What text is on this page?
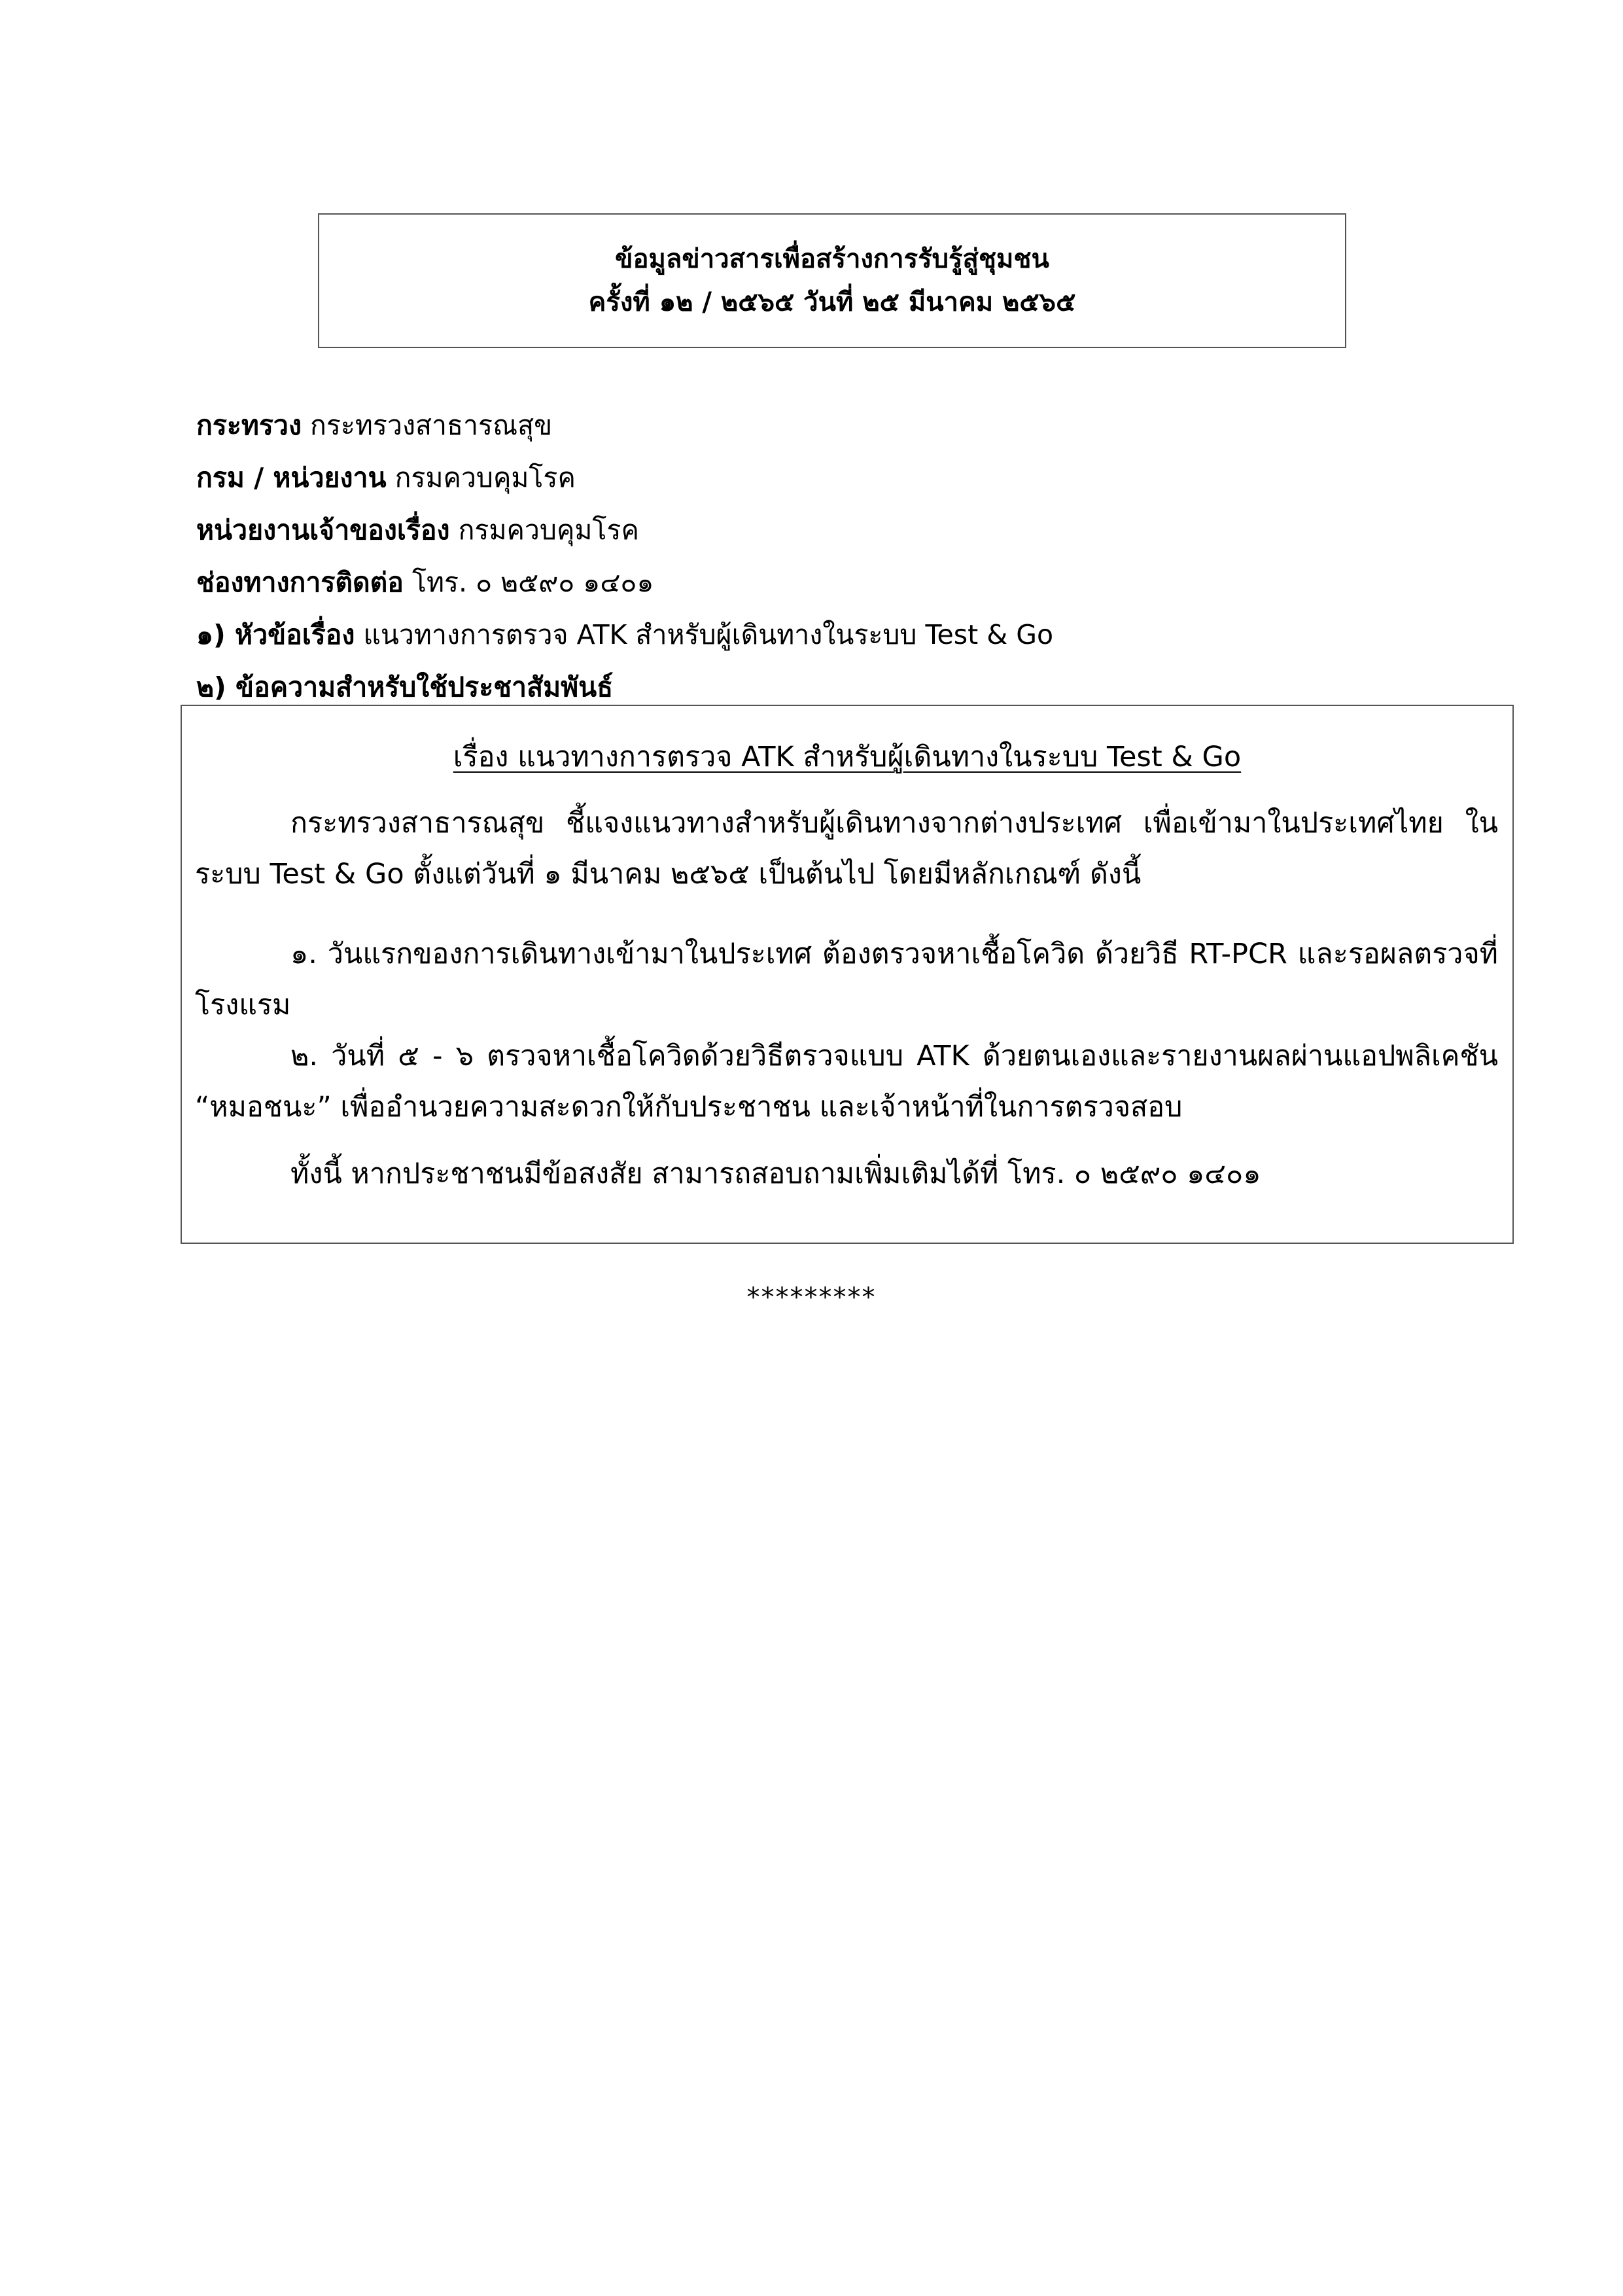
ข้อมูลข่าวสารเพื่อสร้างการรับรู้สู่ชุมชน
ครั้งที่ ๑๒ / ๒๕๖๕ วันที่ ๒๕ มีนาคม ๒๕๖๕
กระทรวง กระทรวงสาธารณสุข
กรม / หน่วยงาน กรมควบคุมโรค
หน่วยงานเจ้าของเรื่อง กรมควบคุมโรค
ช่องทางการติดต่อ โทร. ๐ ๒๕๙๐ ๑๔๐๑
๑) หัวข้อเรื่อง แนวทางการตรวจ ATK สำหรับผู้เดินทางในระบบ Test & Go
๒) ข้อความสำหรับใช้ประชาสัมพันธ์
เรื่อง แนวทางการตรวจ ATK สำหรับผู้เดินทางในระบบ Test & Go
กระทรวงสาธารณสุข ชี้แจงแนวทางสำหรับผู้เดินทางจากต่างประเทศ เพื่อเข้ามาในประเทศไทย ในระบบ Test & Go ตั้งแต่วันที่ ๑ มีนาคม ๒๕๖๕ เป็นต้นไป โดยมีหลักเกณฑ์ ดังนี้
๑. วันแรกของการเดินทางเข้ามาในประเทศ ต้องตรวจหาเชื้อโควิด ด้วยวิธี RT-PCR และรอผลตรวจที่โรงแรม
๒. วันที่ ๕ - ๖ ตรวจหาเชื้อโควิดด้วยวิธีตรวจแบบ ATK ด้วยตนเองและรายงานผลผ่านแอปพลิเคชัน “หมอชนะ” เพื่ออำนวยความสะดวกให้กับประชาชน และเจ้าหน้าที่ในการตรวจสอบ
ทั้งนี้ หากประชาชนมีข้อสงสัย สามารถสอบถามเพิ่มเติมได้ที่ โทร. ๐ ๒๕๙๐ ๑๔๐๑
*********
